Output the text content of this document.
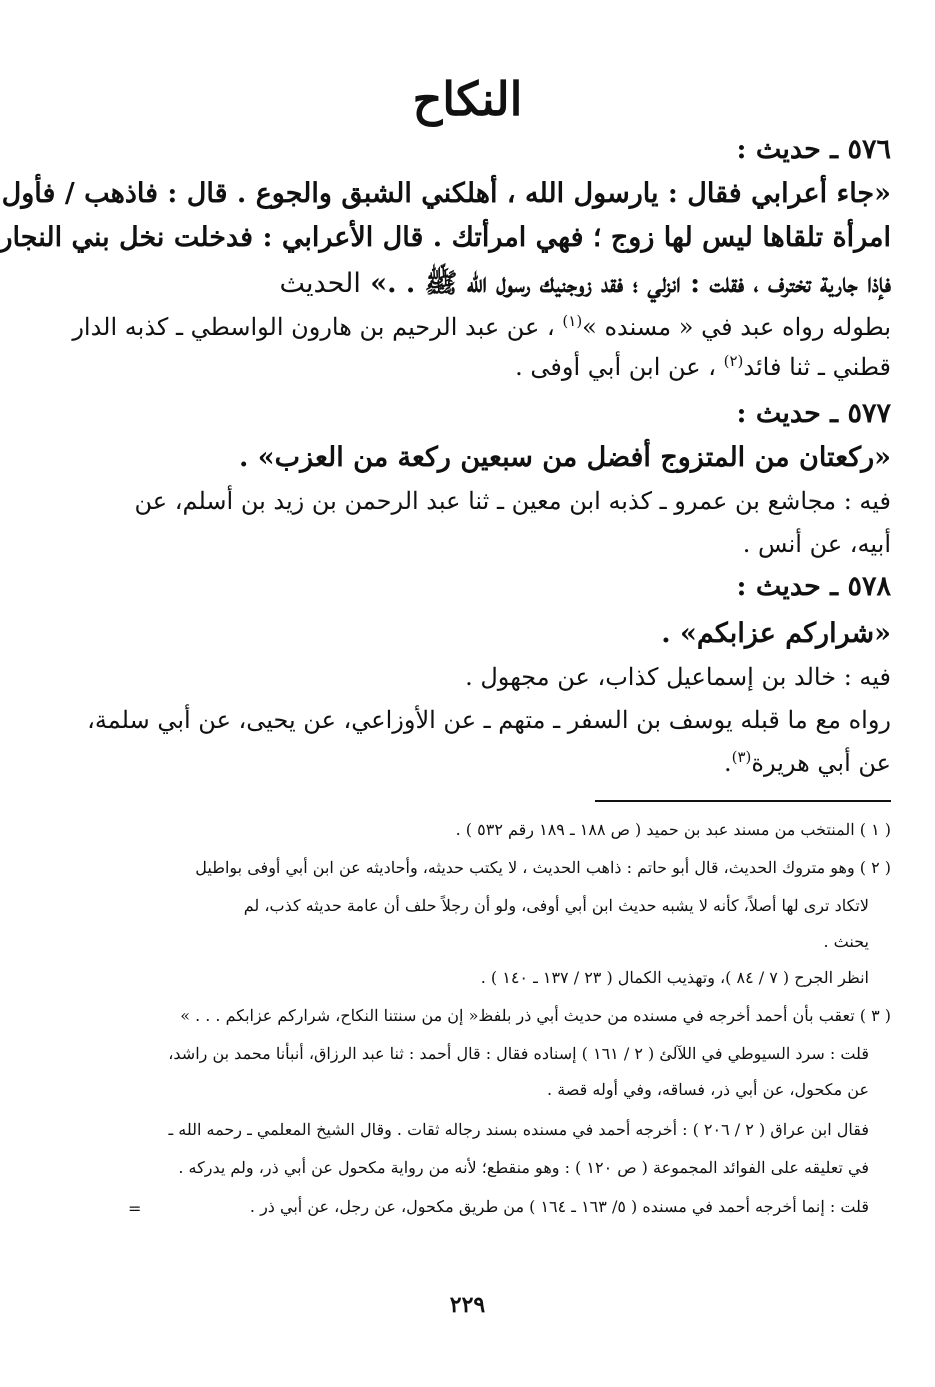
النكاح
٥٧٦ ـ حديث :
«جاء أعرابي فقال : يارسول الله ، أهلكني الشبق والجوع . قال : فاذهب / فأول
امرأة تلقاها ليس لها زوج ؛ فهي امرأتك . قال الأعرابي : فدخلت نخل بني النجار
فإذا جارية تخترف ، فقلت : انزلي ؛ فقد زوجنيك رسول الله ﷺ . .» الحديث
بطوله رواه عبد في « مسنده »$^{(١)}$ ، عن عبد الرحيم بن هارون الواسطي ـ كذبه الدار
قطني ـ ثنا فائد$^{(٢)}$ ، عن ابن أبي أوفى .
٥٧٧ ـ حديث :
«ركعتان من المتزوج أفضل من سبعين ركعة من العزب» .
فيه : مجاشع بن عمرو ـ كذبه ابن معين ـ ثنا عبد الرحمن بن زيد بن أسلم، عن
أبيه، عن أنس .
٥٧٨ ـ حديث :
«شراركم عزابكم» .
فيه : خالد بن إسماعيل كذاب، عن مجهول .
رواه مع ما قبله يوسف بن السفر ـ متهم ـ عن الأوزاعي، عن يحيى، عن أبي سلمة،
عن أبي هريرة$^{(٣)}$.
( ١ ) المنتخب من مسند عبد بن حميد ( ص ١٨٨ ـ ١٨٩ رقم ٥٣٢ ) .
( ٢ ) وهو متروك الحديث، قال أبو حاتم : ذاهب الحديث ، لا يكتب حديثه، وأحاديثه عن ابن أبي أوفى بواطيل
لاتكاد ترى لها أصلاً، كأنه لا يشبه حديث ابن أبي أوفى، ولو أن رجلاً حلف أن عامة حديثه كذب، لم
يحنث .
انظر الجرح ( ٧ / ٨٤ )، وتهذيب الكمال ( ٢٣ / ١٣٧ ـ ١٤٠ ) .
( ٣ ) تعقب بأن أحمد أخرجه في مسنده من حديث أبي ذر بلفظ« إن من سنتنا النكاح، شراركم عزابكم . . . »
قلت : سرد السيوطي في اللآلئ ( ٢ / ١٦١ ) إسناده فقال : قال أحمد : ثنا عبد الرزاق، أنبأنا محمد بن راشد،
عن مكحول، عن أبي ذر، فساقه، وفي أوله قصة .
فقال ابن عراق ( ٢ / ٢٠٦ ) : أخرجه أحمد في مسنده بسند رجاله ثقات . وقال الشيخ المعلمي ـ رحمه الله ـ
في تعليقه على الفوائد المجموعة ( ص ١٢٠ ) : وهو منقطع؛ لأنه من رواية مكحول عن أبي ذر، ولم يدركه .
قلت : إنما أخرجه أحمد في مسنده ( ٥/ ١٦٣ ـ ١٦٤ ) من طريق مكحول، عن رجل، عن أبي ذر .
=
٢٢٩
